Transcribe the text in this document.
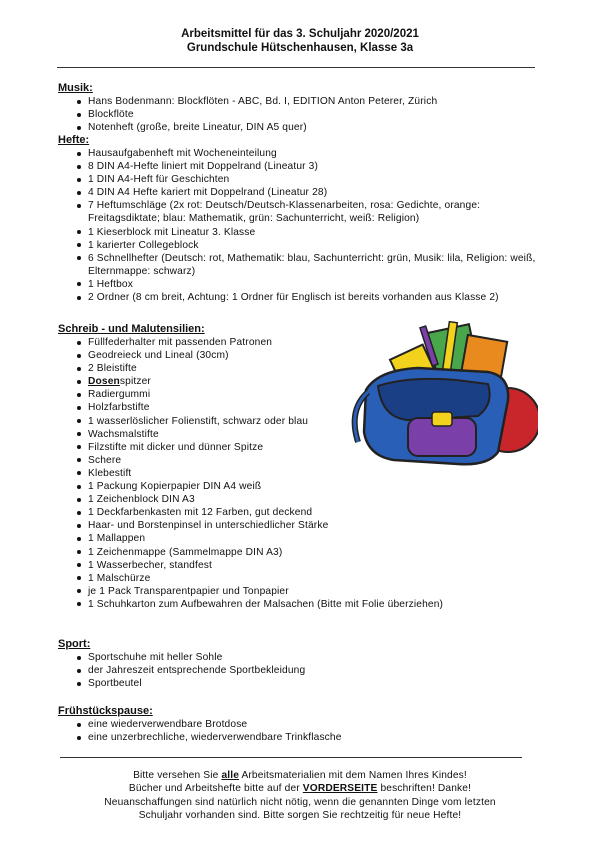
Arbeitsmittel für das 3. Schuljahr 2020/2021
Grundschule Hütschenhausen, Klasse 3a
Musik:
Hans Bodenmann: Blockflöten - ABC, Bd. I, EDITION Anton Peterer, Zürich
Blockflöte
Notenheft (große, breite Lineatur, DIN A5 quer)
Hefte:
Hausaufgabenheft mit Wocheneinteilung
8 DIN A4-Hefte liniert mit Doppelrand (Lineatur 3)
1 DIN A4-Heft für Geschichten
4 DIN A4 Hefte kariert mit Doppelrand (Lineatur 28)
7 Heftumschläge (2x rot: Deutsch/Deutsch-Klassenarbeiten, rosa: Gedichte, orange: Freitagsdiktate; blau: Mathematik, grün: Sachunterricht, weiß: Religion)
1 Kieserblock mit Lineatur 3. Klasse
1 karierter Collegeblock
6 Schnellhefter (Deutsch: rot, Mathematik: blau, Sachunterricht: grün, Musik: lila, Religion: weiß, Elternmappe: schwarz)
1 Heftbox
2 Ordner (8 cm breit, Achtung: 1 Ordner für Englisch ist bereits vorhanden aus Klasse 2)
Schreib - und Malutensilien:
Füllfederhalter mit passenden Patronen
Geodreieck und Lineal (30cm)
2 Bleistifte
Dosenspitzer
Radiergummi
Holzfarbstifte
1 wasserlöslicher Folienstift, schwarz oder blau
Wachsmalstifte
Filzstifte mit dicker und dünner Spitze
Schere
Klebestift
1 Packung Kopierpapier DIN A4 weiß
1 Zeichenblock DIN A3
1 Deckfarbenkasten mit 12 Farben, gut deckend
Haar- und Borstenpinsel in unterschiedlicher Stärke
1 Mallappen
1 Zeichenmappe (Sammelmappe DIN A3)
1 Wasserbecher, standfest
1 Malschürze
je 1 Pack Transparentpapier und Tonpapier
1 Schuhkarton zum Aufbewahren der Malsachen (Bitte mit Folie überziehen)
Sport:
Sportschuhe mit heller Sohle
der Jahreszeit entsprechende Sportbekleidung
Sportbeutel
Frühstückspause:
eine wiederverwendbare Brotdose
eine unzerbrechliche, wiederverwendbare Trinkflasche
Bitte versehen Sie alle Arbeitsmaterialien mit dem Namen Ihres Kindes!
Bücher und Arbeitshefte bitte auf der VORDERSEITE beschriften! Danke!
Neuanschaffungen sind natürlich nicht nötig, wenn die genannten Dinge vom letzten
Schuljahr vorhanden sind. Bitte sorgen Sie rechtzeitig für neue Hefte!
